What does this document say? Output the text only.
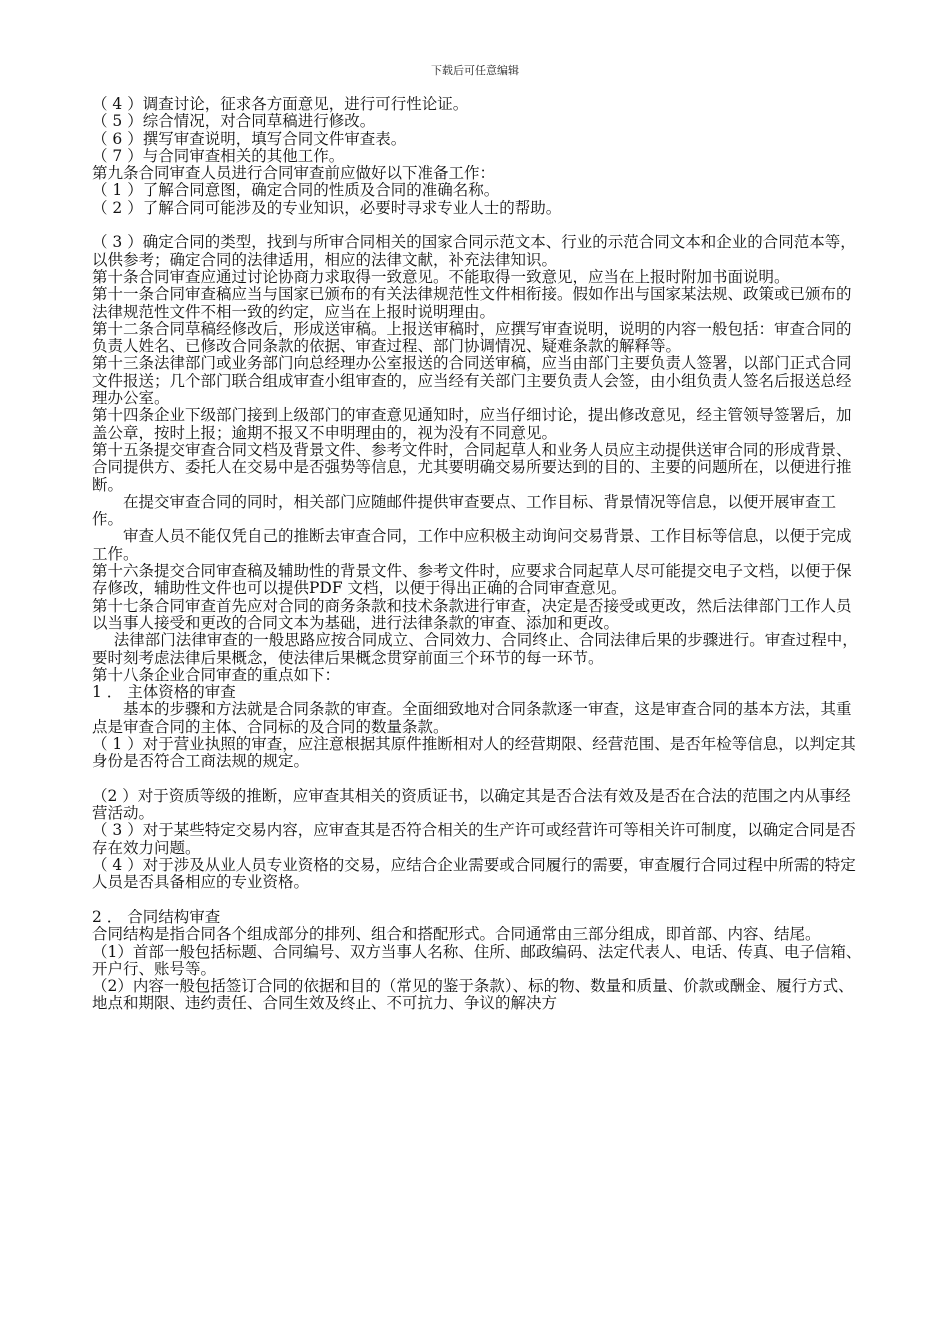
下载后可任意编辑

（ 4 ）调查讨论，征求各方面意见，进行可行性论证。

（ 5 ）综合情况，对合同草稿进行修改。

（ 6 ）撰写审查说明，填写合同文件审查表。

（ 7 ）与合同审查相关的其他工作。

第九条合同审查人员进行合同审查前应做好以下准备工作：

（ 1 ）了解合同意图，确定合同的性质及合同的准确名称。

（ 2 ）了解合同可能涉及的专业知识，必要时寻求专业人士的帮助。

（ 3 ）确定合同的类型，找到与所审合同相关的国家合同示范文本、行业的示范合同文本和企业的合同范本等，以供参考；确定合同的法律适用，相应的法律文献，补充法律知识。

第十条合同审查应通过讨论协商力求取得一致意见。不能取得一致意见，应当在上报时附加书面说明。

第十一条合同审查稿应当与国家已颁布的有关法律规范性文件相衔接。假如作出与国家某法规、政策或已颁布的法律规范性文件不相一致的约定，应当在上报时说明理由。

第十二条合同草稿经修改后，形成送审稿。上报送审稿时，应撰写审查说明，说明的内容一般包括：审查合同的负责人姓名、已修改合同条款的依据、审查过程、部门协调情况、疑难条款的解释等。

第十三条法律部门或业务部门向总经理办公室报送的合同送审稿，应当由部门主要负责人签署，以部门正式合同文件报送；几个部门联合组成审查小组审查的，应当经有关部门主要负责人会签，由小组负责人签名后报送总经理办公室。

第十四条企业下级部门接到上级部门的审查意见通知时，应当仔细讨论，提出修改意见，经主管领导签署后，加盖公章，按时上报；逾期不报又不申明理由的，视为没有不同意见。

第十五条提交审查合同文档及背景文件、参考文件时，合同起草人和业务人员应主动提供送审合同的形成背景、合同提供方、委托人在交易中是否强势等信息，尤其要明确交易所要达到的目的、主要的问题所在，以便进行推断。

在提交审查合同的同时，相关部门应随邮件提供审查要点、工作目标、背景情况等信息，以便开展审查工作。

审查人员不能仅凭自己的推断去审查合同，工作中应积极主动询问交易背景、工作目标等信息，以便于完成工作。

第十六条提交合同审查稿及辅助性的背景文件、参考文件时，应要求合同起草人尽可能提交电子文档，以便于保存修改，辅助性文件也可以提供PDF 文档，以便于得出正确的合同审查意见。

第十七条合同审查首先应对合同的商务条款和技术条款进行审查，决定是否接受或更改，然后法律部门工作人员以当事人接受和更改的合同文本为基础，进行法律条款的审查、添加和更改。

法律部门法律审查的一般思路应按合同成立、合同效力、合同终止、合同法律后果的步骤进行。审查过程中，要时刻考虑法律后果概念，使法律后果概念贯穿前面三个环节的每一环节。

第十八条企业合同审查的重点如下：

1 ． 主体资格的审查

基本的步骤和方法就是合同条款的审查。全面细致地对合同条款逐一审查，这是审查合同的基本方法，其重点是审查合同的主体、合同标的及合同的数量条款。

（ 1 ）对于营业执照的审查，应注意根据其原件推断相对人的经营期限、经营范围、是否年检等信息，以判定其身份是否符合工商法规的规定。

（2 ）对于资质等级的推断，应审查其相关的资质证书，以确定其是否合法有效及是否在合法的范围之内从事经营活动。

（ 3 ）对于某些特定交易内容，应审查其是否符合相关的生产许可或经营许可等相关许可制度，以确定合同是否存在效力问题。

（ 4 ）对于涉及从业人员专业资格的交易，应结合企业需要或合同履行的需要，审查履行合同过程中所需的特定人员是否具备相应的专业资格。

2 ． 合同结构审查

合同结构是指合同各个组成部分的排列、组合和搭配形式。合同通常由三部分组成，即首部、内容、结尾。

（1）首部一般包括标题、合同编号、双方当事人名称、住所、邮政编码、法定代表人、电话、传真、电子信箱、开户行、账号等。

（2）内容一般包括签订合同的依据和目的（常见的鉴于条款）、标的物、数量和质量、价款或酬金、履行方式、地点和期限、违约责任、合同生效及终止、不可抗力、争议的解决方
